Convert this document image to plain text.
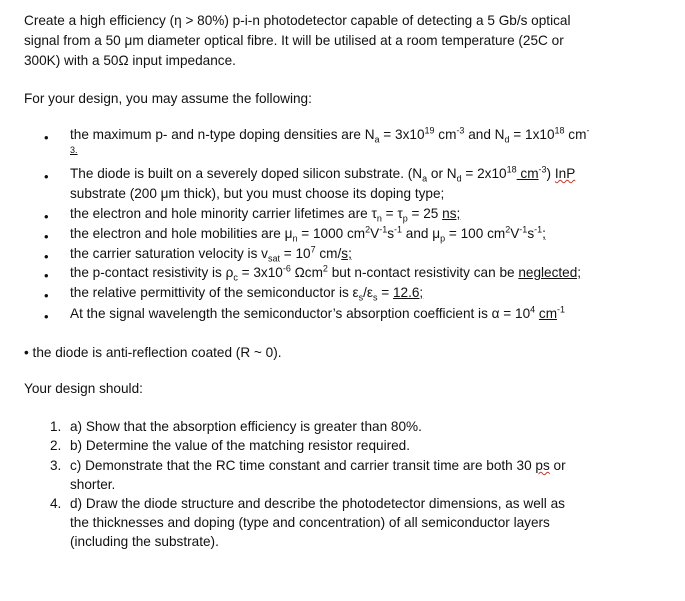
Create a high efficiency (η > 80%) p-i-n photodetector capable of detecting a 5 Gb/s optical
signal from a 50 μm diameter optical fibre. It will be utilised at a room temperature (25C or
300K) with a 50Ω input impedance.
For your design, you may assume the following:
•	the maximum p- and n-type doping densities are $N_a = 3x10^{19}$ $cm^{-3}$ and $N_d = 1x10^{18}$ cm-
3.
•	The diode is built on a severely doped silicon substrate. ($N_a$ or $N_d = 2x10^{18}$ $cm^{-3}$) InP
substrate (200 μm thick), but you must choose its doping type;
•	the electron and hole minority carrier lifetimes are $\tau_n = \tau_p = 25$ ns;
•	the electron and hole mobilities are $\mu_n = 1000$ $cm^2V^{-1}s^{-1}$ and $\mu_p = 100$ $cm^2V^{-1}s^{-1}$;
•	the carrier saturation velocity is $v_{sat} = 10^7$ cm/s;
•	the p-contact resistivity is $\rho_c = 3x10^{-6}$ Ωcm$^2$ but n-contact resistivity can be neglected;
•	the relative permittivity of the semiconductor is $\varepsilon_s/\varepsilon_s = 12.6$;
•	At the signal wavelength the semiconductor’s absorption coefficient is $\alpha = 10^4$ $cm^{-1}$
• the diode is anti-reflection coated (R ~ 0).
Your design should:
1. a) Show that the absorption efficiency is greater than 80%.
2. b) Determine the value of the matching resistor required.
3. c) Demonstrate that the RC time constant and carrier transit time are both 30 ps or
shorter.
4. d) Draw the diode structure and describe the photodetector dimensions, as well as
the thicknesses and doping (type and concentration) of all semiconductor layers
(including the substrate).
